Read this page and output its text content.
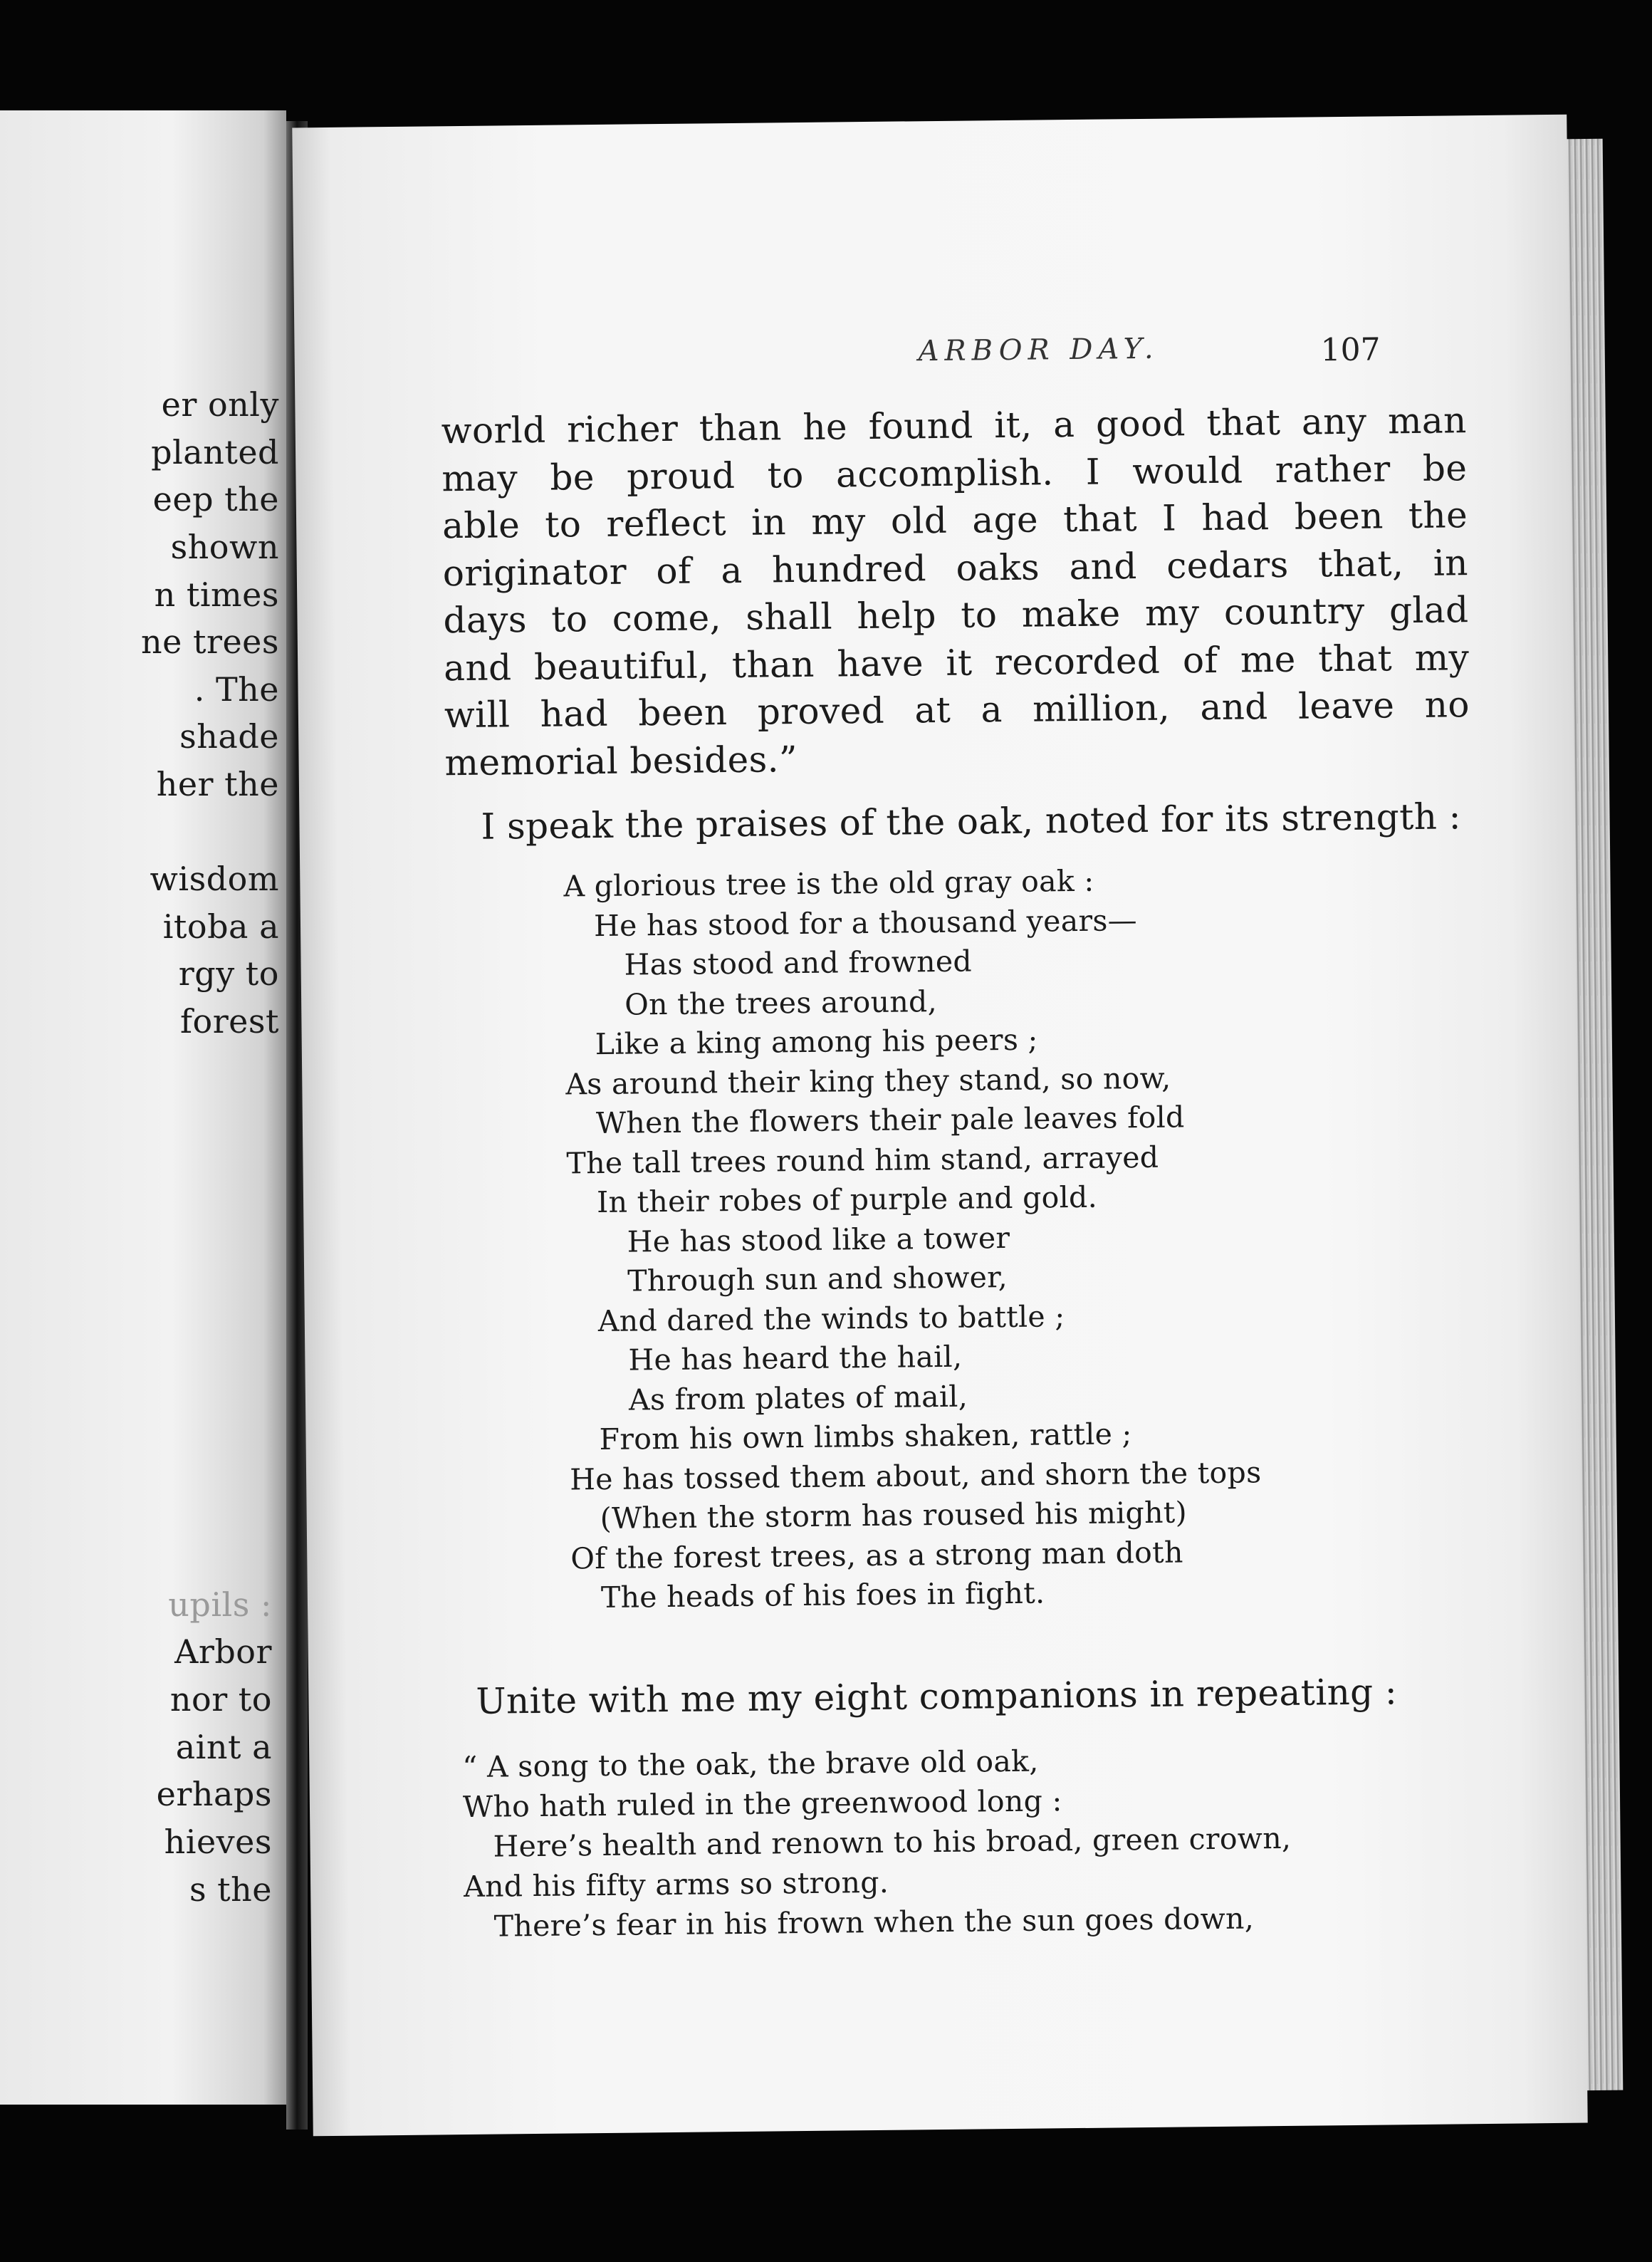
er only
planted
eep the
shown
n times
ne trees
. The
shade
her the
wisdom
itoba a
rgy to
forest
upils :
Arbor
nor to
aint a
erhaps
hieves
s the
ARBOR DAY.	107
world richer than he found it, a good that any man
may be proud to accomplish. I would rather be
able to reflect in my old age that I had been the
originator of a hundred oaks and cedars that, in
days to come, shall help to make my country glad
and beautiful, than have it recorded of me that my
will had been proved at a million, and leave no
memorial besides.”
I speak the praises of the oak, noted for its strength :
A glorious tree is the old gray oak :
He has stood for a thousand years—
Has stood and frowned
On the trees around,
Like a king among his peers ;
As around their king they stand, so now,
When the flowers their pale leaves fold
The tall trees round him stand, arrayed
In their robes of purple and gold.
He has stood like a tower
Through sun and shower,
And dared the winds to battle ;
He has heard the hail,
As from plates of mail,
From his own limbs shaken, rattle ;
He has tossed them about, and shorn the tops
(When the storm has roused his might)
Of the forest trees, as a strong man doth
The heads of his foes in fight.
Unite with me my eight companions in repeating :
“ A song to the oak, the brave old oak,
Who hath ruled in the greenwood long :
Here’s health and renown to his broad, green crown,
And his fifty arms so strong.
There’s fear in his frown when the sun goes down,
